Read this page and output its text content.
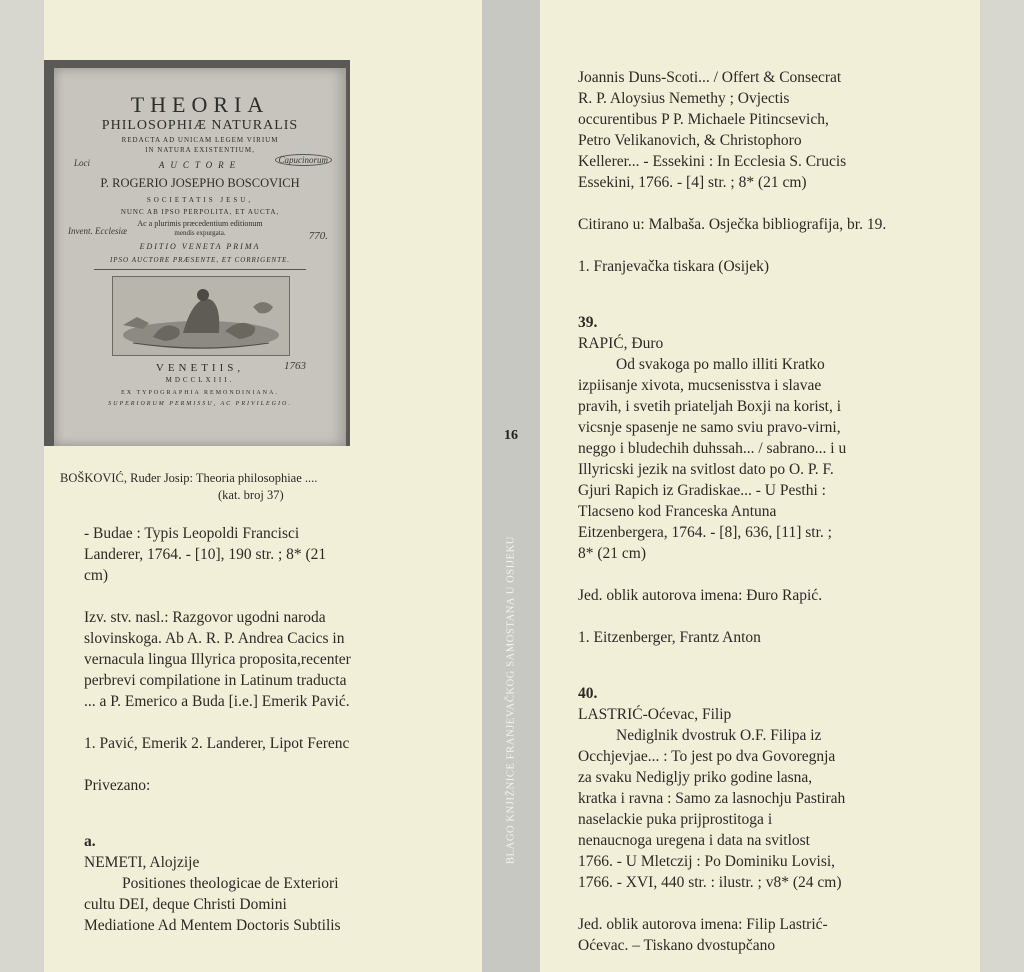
THEORIA
PHILOSOPHIÆ NATURALIS
REDACTA AD UNICAM LEGEM VIRIUM
IN NATURA EXISTENTIUM,
AUCTORE
P. ROGERIO JOSEPHO BOSCOVICH
SOCIETATIS JESU,
NUNC AB IPSO PERPOLITA, ET AUCTA,
Ac a plurimis præcedentium editionum
mendis expurgata.
EDITIO VENETA PRIMA
IPSO AUCTORE PRÆSENTE, ET CORRIGENTE.
VENETIIS,
MDCCLXIII.
EX TYPOGRAPHIA REMONDINIANA.
SUPERIORUM PERMISSU, AC PRIVILEGIO.
Loci	Capucinorum
Invent. Ecclesiæ	770.
1763
BOŠKOVIĆ, Ruđer Josip: Theoria philosophiae ....

(kat. broj 37)

- Budae : Typis Leopoldi Francisci
Landerer, 1764. - [10], 190 str. ; 8* (21
cm)

Izv. stv. nasl.: Razgovor ugodni naroda
slovinskoga. Ab A. R. P. Andrea Cacics in
vernacula lingua Illyrica proposita,recenter
perbrevi compilatione in Latinum traducta
... a P. Emerico a Buda [i.e.] Emerik Pavić.

1. Pavić, Emerik 2. Landerer, Lipot Ferenc

Privezano:

a.

NEMETI, Alojzije

Positiones theologicae de Exteriori
cultu DEI, deque Christi Domini
Mediatione Ad Mentem Doctoris Subtilis

16
BLAGO KNJIŽNICE FRANJEVAČKOG SAMOSTANA U OSIJEKU

Joannis Duns-Scoti... / Offert & Consecrat
R. P. Aloysius Nemethy ; Ovjectis
occurentibus P P. Michaele Pitincsevich,
Petro Velikanovich, & Christophoro
Kellerer... - Essekini : In Ecclesia S. Crucis
Essekini, 1766. - [4] str. ; 8* (21 cm)

Citirano u: Malbaša. Osječka bibliografija, br. 19.

1. Franjevačka tiskara (Osijek)

39.

RAPIĆ, Đuro

Od svakoga po mallo illiti Kratko
izpiisanje xivota, mucsenisstva i slavae
pravih, i svetih priateljah Boxji na korist, i
vicsnje spasenje ne samo sviu pravo-virni,
neggo i bludechih duhssah... / sabrano... i u
Illyricski jezik na svitlost dato po O. P. F.
Gjuri Rapich iz Gradiskae... - U Pesthi :
Tlacseno kod Franceska Antuna
Eitzenbergera, 1764. - [8], 636, [11] str. ;
8* (21 cm)

Jed. oblik autorova imena: Đuro Rapić.

1. Eitzenberger, Frantz Anton

40.

LASTRIĆ-Oćevac, Filip

Nediglnik dvostruk O.F. Filipa iz
Occhjevjae... : To jest po dva Govoregnja
za svaku Nedigljy priko godine lasna,
kratka i ravna : Samo za lasnochju Pastirah
naselackie puka prijprostitoga i
nenaucnoga uregena i data na svitlost
1766. - U Mletczij : Po Dominiku Lovisi,
1766. - XVI, 440 str. : ilustr. ; v8* (24 cm)

Jed. oblik autorova imena: Filip Lastrić-
Oćevac. – Tiskano dvostupčano
